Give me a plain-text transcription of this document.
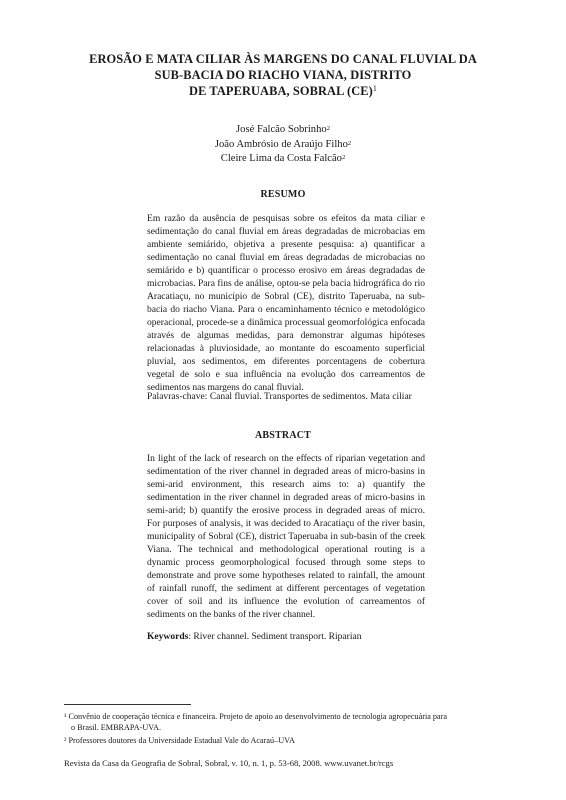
EROSÃO E MATA CILIAR ÀS MARGENS DO CANAL FLUVIAL DA
SUB-BACIA DO RIACHO VIANA, DISTRITO
DE TAPERUABA, SOBRAL (CE)$^1$
José Falcão Sobrinho$^2$
João Ambrósio de Araújo Filho$^2$
Cleire Lima da Costa Falcão$^2$
RESUMO
Em razão da ausência de pesquisas sobre os efeitos da mata ciliar e sedimentação do canal fluvial em áreas degradadas de microbacias em ambiente semiárido, objetiva a presente pesquisa: a) quantificar a sedimentação no canal fluvial em áreas degradadas de microbacias no semiárido e b) quantificar o processo erosivo em áreas degradadas de microbacias. Para fins de análise, optou-se pela bacia hidrográfica do rio Aracatiaçu, no município de Sobral (CE), distrito Taperuaba, na sub-bacia do riacho Viana. Para o encaminhamento técnico e metodológico operacional, procede-se a dinâmica processual geomorfológica enfocada através de algumas medidas, para demonstrar algumas hipóteses relacionadas à pluviosidade, ao montante do escoamento superficial pluvial, aos sedimentos, em diferentes porcentagens de cobertura vegetal de solo e sua influência na evolução dos carreamentos de sedimentos nas margens do canal fluvial.
Palavras-chave: Canal fluvial. Transportes de sedimentos. Mata ciliar
ABSTRACT
In light of the lack of research on the effects of riparian vegetation and sedimentation of the river channel in degraded areas of micro-basins in semi-arid environment, this research aims to: a) quantify the sedimentation in the river channel in degraded areas of micro-basins in semi-arid; b) quantify the erosive process in degraded areas of micro. For purposes of analysis, it was decided to Aracatiaçu of the river basin, municipality of Sobral (CE), district Taperuaba in sub-basin of the creek Viana. The technical and methodological operational routing is a dynamic process geomorphological focused through some steps to demonstrate and prove some hypotheses related to rainfall, the amount of rainfall runoff, the sediment at different percentages of vegetation cover of soil and its influence the evolution of carreamentos of sediments on the banks of the river channel.
Keywords: River channel. Sediment transport. Riparian
¹ Convênio de cooperação técnica e financeira. Projeto de apoio ao desenvolvimento de tecnologia agropecuária para
o Brasil. EMBRAPA-UVA.
² Professores doutores da Universidade Estadual Vale do Acaraú–UVA
Revista da Casa da Geografia de Sobral, Sobral, v. 10, n. 1, p. 53-68, 2008. www.uvanet.br/rcgs
